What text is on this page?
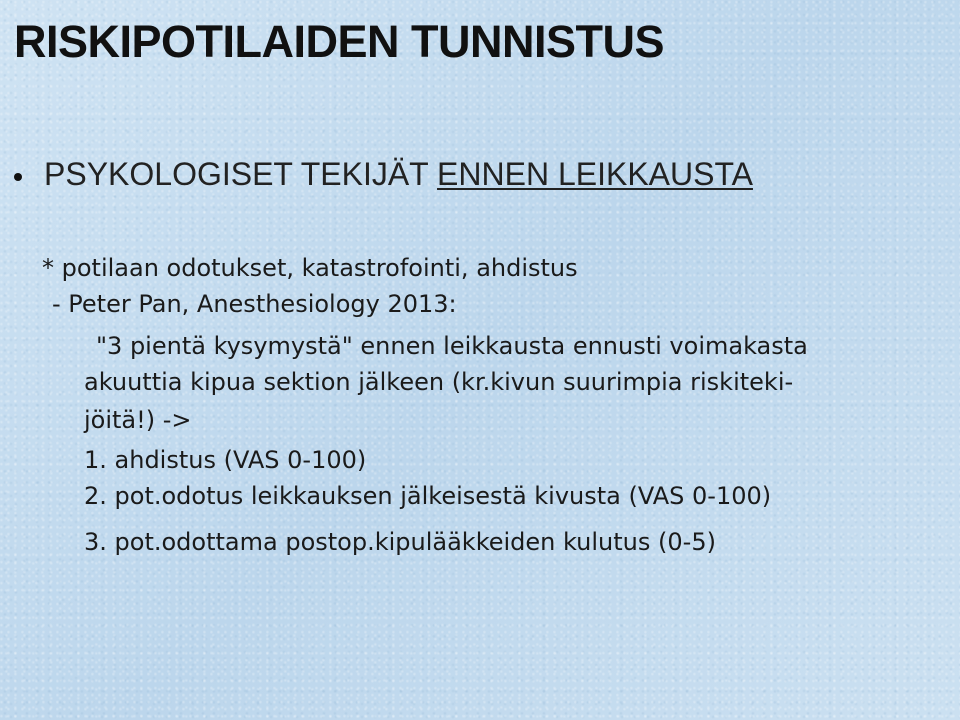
RISKIPOTILAIDEN TUNNISTUS
PSYKOLOGISET TEKIJÄT ENNEN LEIKKAUSTA
* potilaan odotukset, katastrofointi, ahdistus
- Peter Pan, Anesthesiology 2013:
"3 pientä kysymystä" ennen leikkausta ennusti voimakasta
akuuttia kipua sektion jälkeen (kr.kivun suurimpia riskiteki-
jöitä!) ->
1. ahdistus (VAS 0-100)
2. pot.odotus leikkauksen jälkeisestä kivusta (VAS 0-100)
3. pot.odottama postop.kipulääkkeiden kulutus (0-5)
